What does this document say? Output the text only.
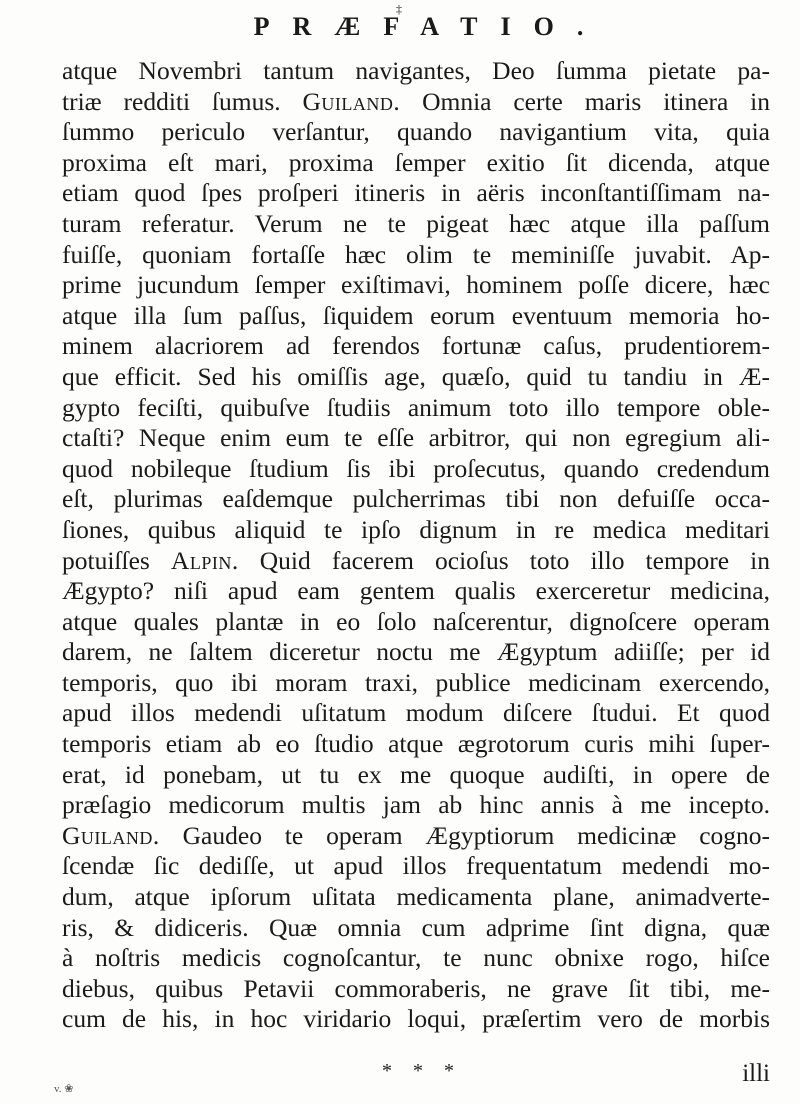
‡
PRÆFATIO.
atque Novembri tantum navigantes, Deo ſumma pietate pa-
triæ redditi ſumus. Guiland. Omnia certe maris itinera in
ſummo periculo verſantur, quando navigantium vita, quia
proxima eſt mari, proxima ſemper exitio ſit dicenda, atque
etiam quod ſpes proſperi itineris in aëris inconſtantiſſimam na-
turam referatur. Verum ne te pigeat hæc atque illa paſſum
fuiſſe, quoniam fortaſſe hæc olim te meminiſſe juvabit. Ap-
prime jucundum ſemper exiſtimavi, hominem poſſe dicere, hæc
atque illa ſum paſſus, ſiquidem eorum eventuum memoria ho-
minem alacriorem ad ferendos fortunæ caſus, prudentiorem-
que efficit. Sed his omiſſis age, quæſo, quid tu tandiu in Æ-
gypto feciſti, quibuſve ſtudiis animum toto illo tempore oble-
ctaſti? Neque enim eum te eſſe arbitror, qui non egregium ali-
quod nobileque ſtudium ſis ibi proſecutus, quando credendum
eſt, plurimas eaſdemque pulcherrimas tibi non defuiſſe occa-
ſiones, quibus aliquid te ipſo dignum in re medica meditari
potuiſſes Alpin. Quid facerem ocioſus toto illo tempore in
Ægypto? niſi apud eam gentem qualis exerceretur medicina,
atque quales plantæ in eo ſolo naſcerentur, dignoſcere operam
darem, ne ſaltem diceretur noctu me Ægyptum adiiſſe; per id
temporis, quo ibi moram traxi, publice medicinam exercendo,
apud illos medendi uſitatum modum diſcere ſtudui. Et quod
temporis etiam ab eo ſtudio atque ægrotorum curis mihi ſuper-
erat, id ponebam, ut tu ex me quoque audiſti, in opere de
præſagio medicorum multis jam ab hinc annis à me incepto.
Guiland. Gaudeo te operam Ægyptiorum medicinæ cogno-
ſcendæ ſic dediſſe, ut apud illos frequentatum medendi mo-
dum, atque ipſorum uſitata medicamenta plane, animadverte-
ris, & didiceris. Quæ omnia cum adprime ſint digna, quæ
à noſtris medicis cognoſcantur, te nunc obnixe rogo, hiſce
diebus, quibus Petavii commoraberis, ne grave ſit tibi, me-
cum de his, in hoc viridario loqui, præſertim vero de morbis
v. ❀
* * *	illi
